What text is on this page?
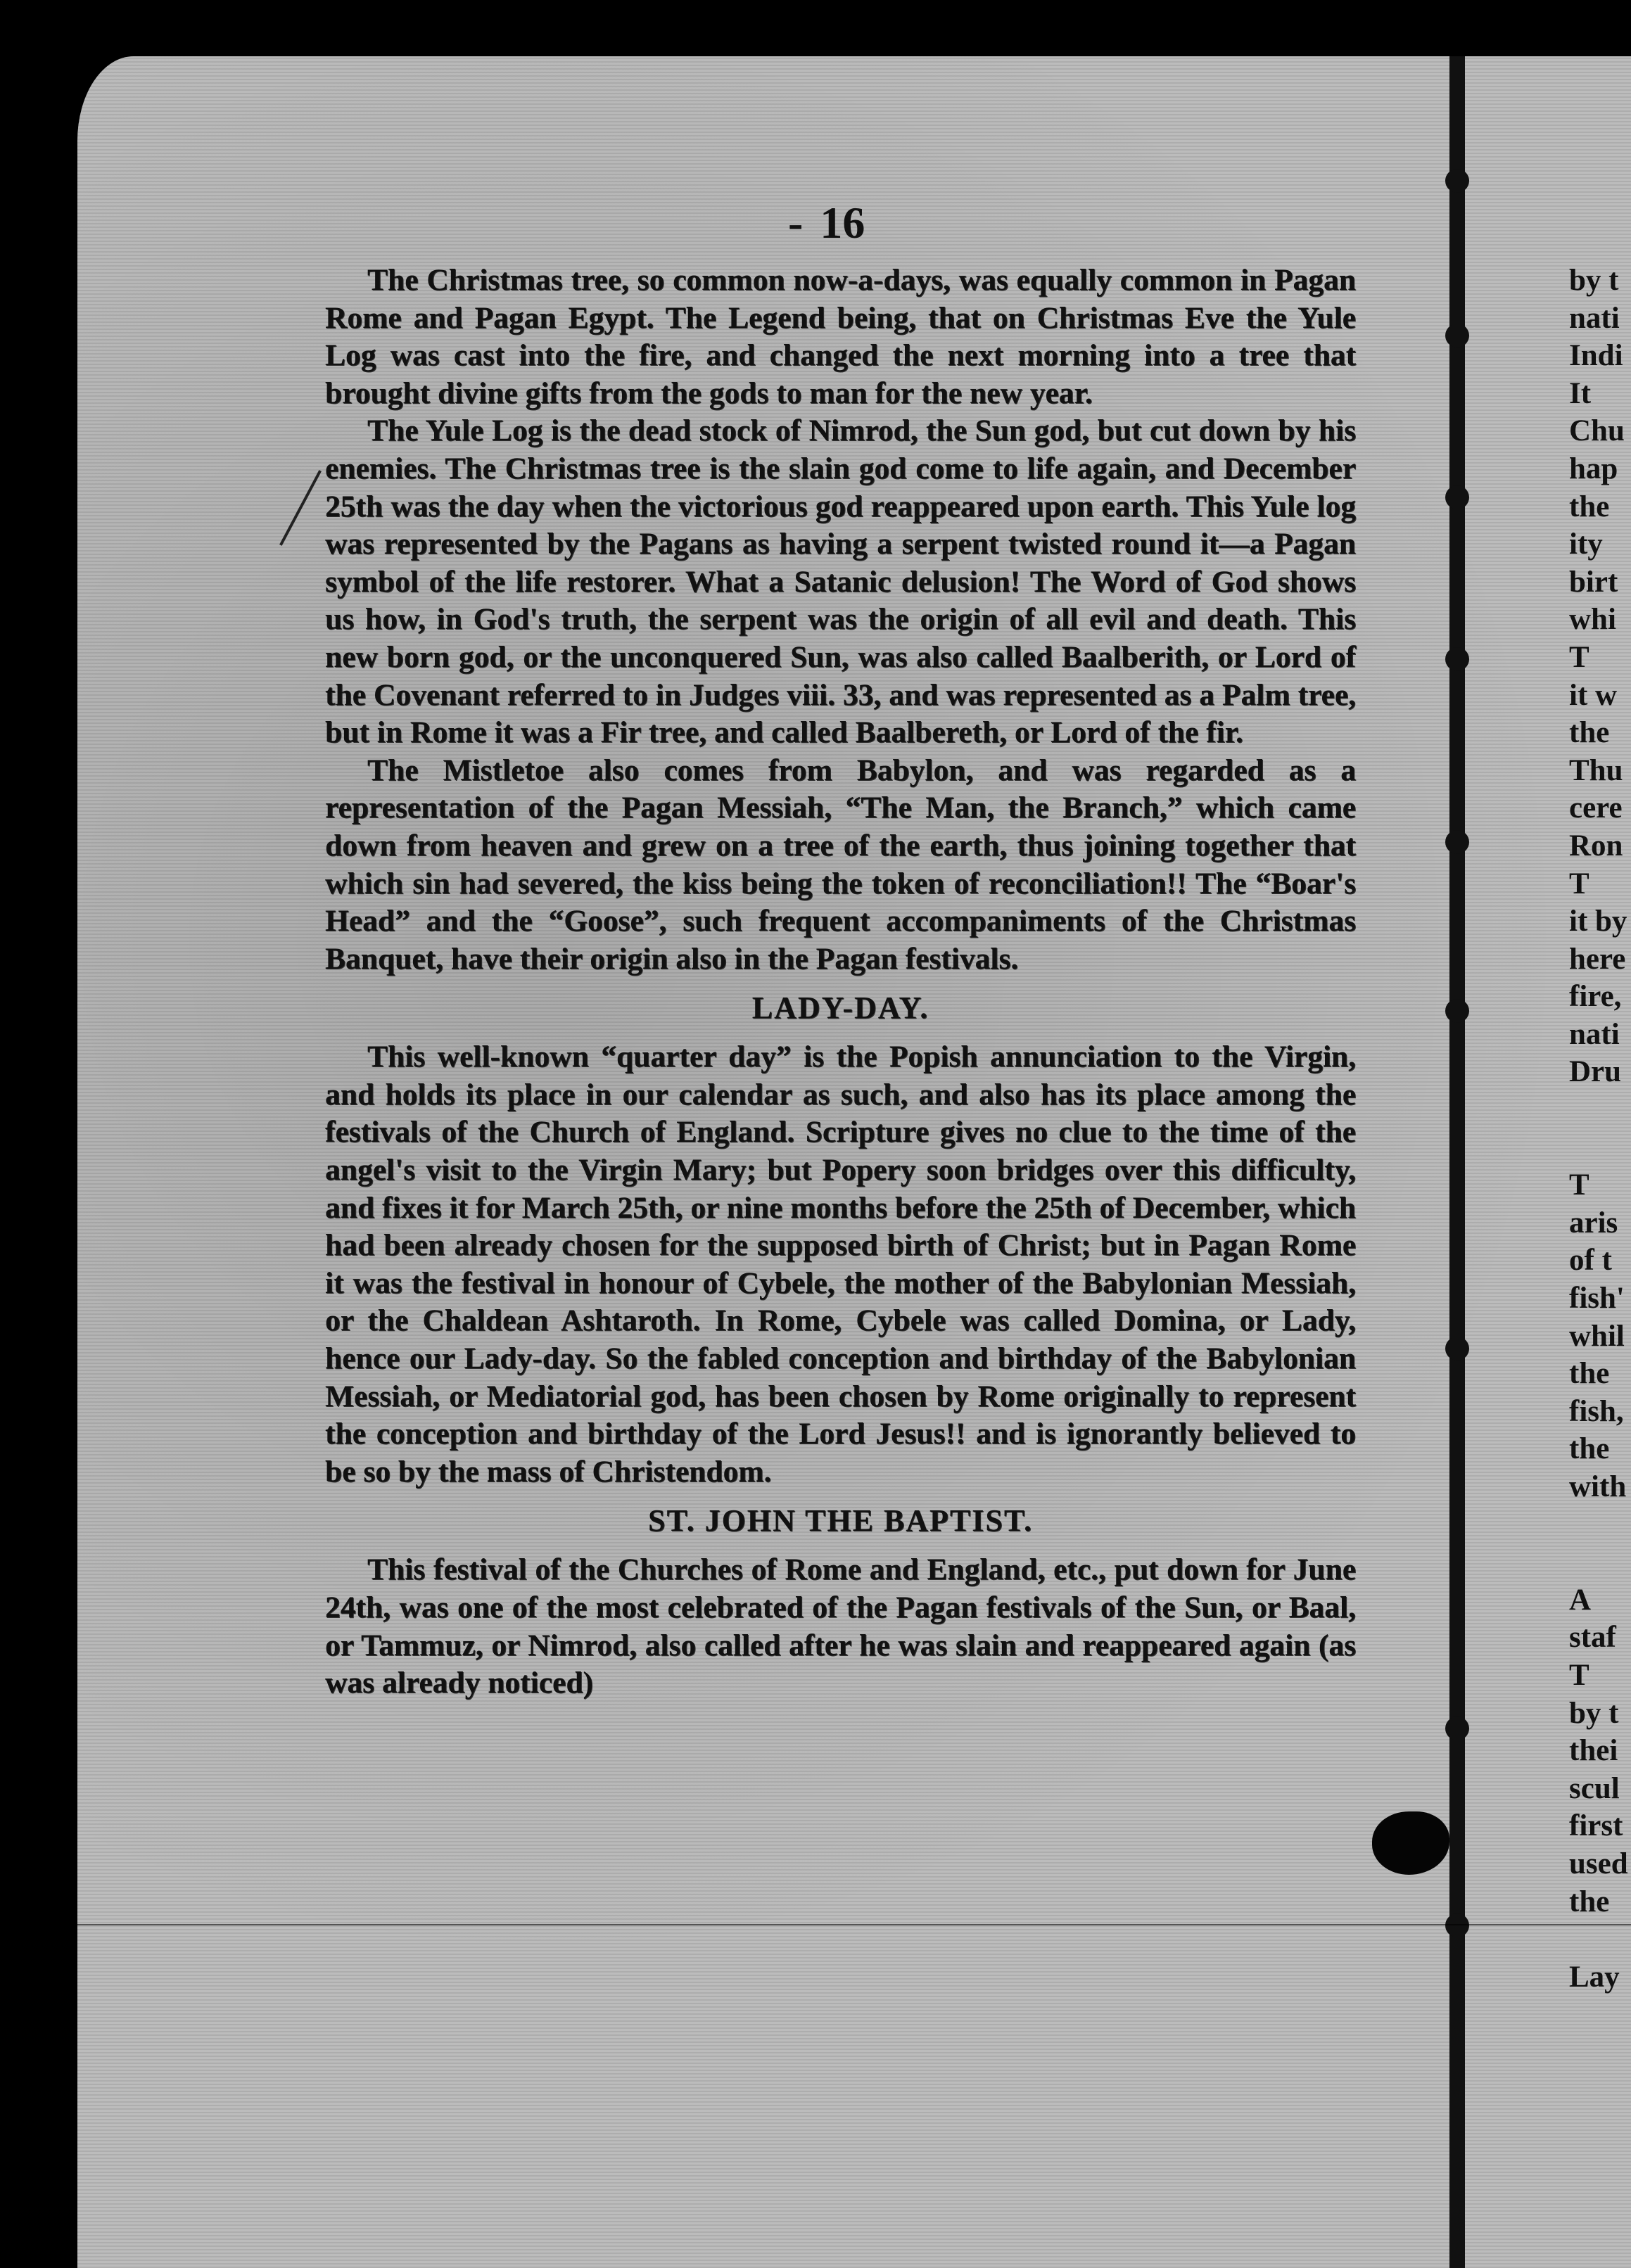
- 16

The Christmas tree, so common now-a-days, was equally common in Pagan Rome and Pagan Egypt. The Legend being, that on Christmas Eve the Yule Log was cast into the fire, and changed the next morning into a tree that brought divine gifts from the gods to man for the new year.

The Yule Log is the dead stock of Nimrod, the Sun god, but cut down by his enemies. The Christmas tree is the slain god come to life again, and December 25th was the day when the victorious god reappeared upon earth. This Yule log was represented by the Pagans as having a serpent twisted round it—a Pagan symbol of the life restorer. What a Satanic delusion! The Word of God shows us how, in God's truth, the serpent was the origin of all evil and death. This new born god, or the unconquered Sun, was also called Baalberith, or Lord of the Covenant referred to in Judges viii. 33, and was represented as a Palm tree, but in Rome it was a Fir tree, and called Baalbereth, or Lord of the fir.

The Mistletoe also comes from Babylon, and was regarded as a representation of the Pagan Messiah, “The Man, the Branch,” which came down from heaven and grew on a tree of the earth, thus joining together that which sin had severed, the kiss being the token of reconciliation!! The “Boar's Head” and the “Goose”, such frequent accompaniments of the Christmas Banquet, have their origin also in the Pagan festivals.

LADY-DAY.

This well-known “quarter day” is the Popish annunciation to the Virgin, and holds its place in our calendar as such, and also has its place among the festivals of the Church of England. Scripture gives no clue to the time of the angel's visit to the Virgin Mary; but Popery soon bridges over this difficulty, and fixes it for March 25th, or nine months before the 25th of December, which had been already chosen for the supposed birth of Christ; but in Pagan Rome it was the festival in honour of Cybele, the mother of the Babylonian Messiah, or the Chaldean Ashtaroth. In Rome, Cybele was called Domina, or Lady, hence our Lady-day. So the fabled conception and birthday of the Babylonian Messiah, or Mediatorial god, has been chosen by Rome originally to represent the conception and birthday of the Lord Jesus!! and is ignorantly believed to be so by the mass of Christendom.

ST. JOHN THE BAPTIST.

This festival of the Churches of Rome and England, etc., put down for June 24th, was one of the most celebrated of the Pagan festivals of the Sun, or Baal, or Tammuz, or Nimrod, also called after he was slain and reappeared again (as was already noticed)

by t
nati
Indi
It
Chu
hap
the
ity
birt
whi
T
it w
the
Thu
cere
Ron
T
it by
here
fire,
nati
Dru

T
aris
of t
fish'
whil
the
fish,
the
with

A
staf
T
by t
thei
scul
first
used
the

Lay
